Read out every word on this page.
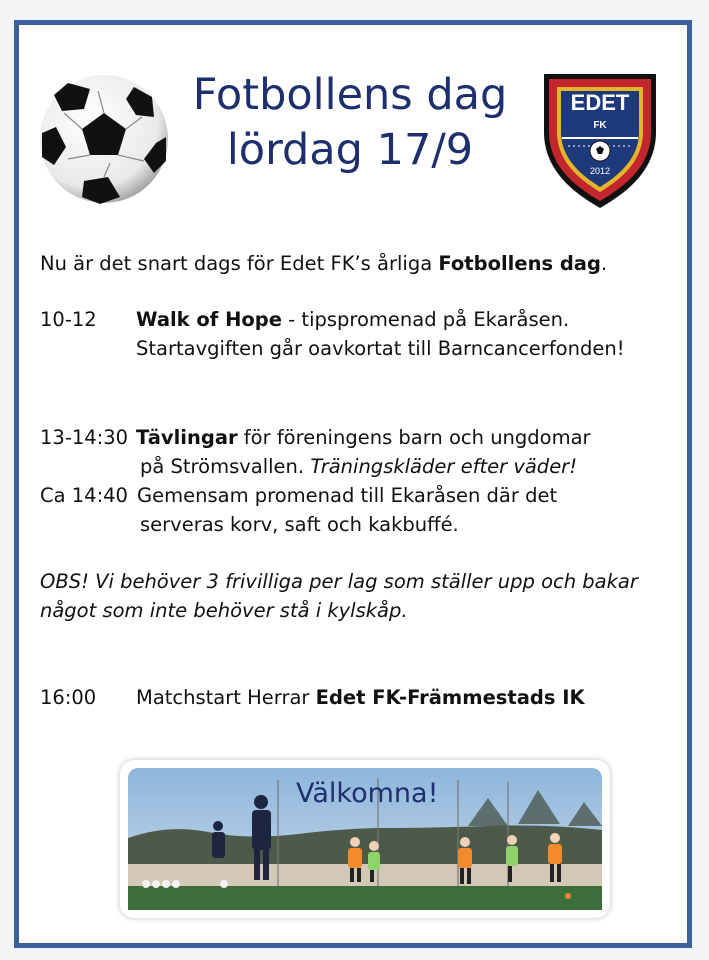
Fotbollens dag
lördag 17/9
EDET
FK
2012
Nu är det snart dags för Edet FK’s årliga Fotbollens dag.
10-12 Walk of Hope - tipspromenad på Ekaråsen.
Startavgiften går oavkortat till Barncancerfonden!
13-14:30 Tävlingar för föreningens barn och ungdomar
på Strömsvallen. Träningskläder efter väder!
Ca 14:40 Gemensam promenad till Ekaråsen där det
serveras korv, saft och kakbuffé.
OBS! Vi behöver 3 frivilliga per lag som ställer upp och bakar
något som inte behöver stå i kylskåp.
16:00 Matchstart Herrar Edet FK-Främmestads IK
Välkomna!
